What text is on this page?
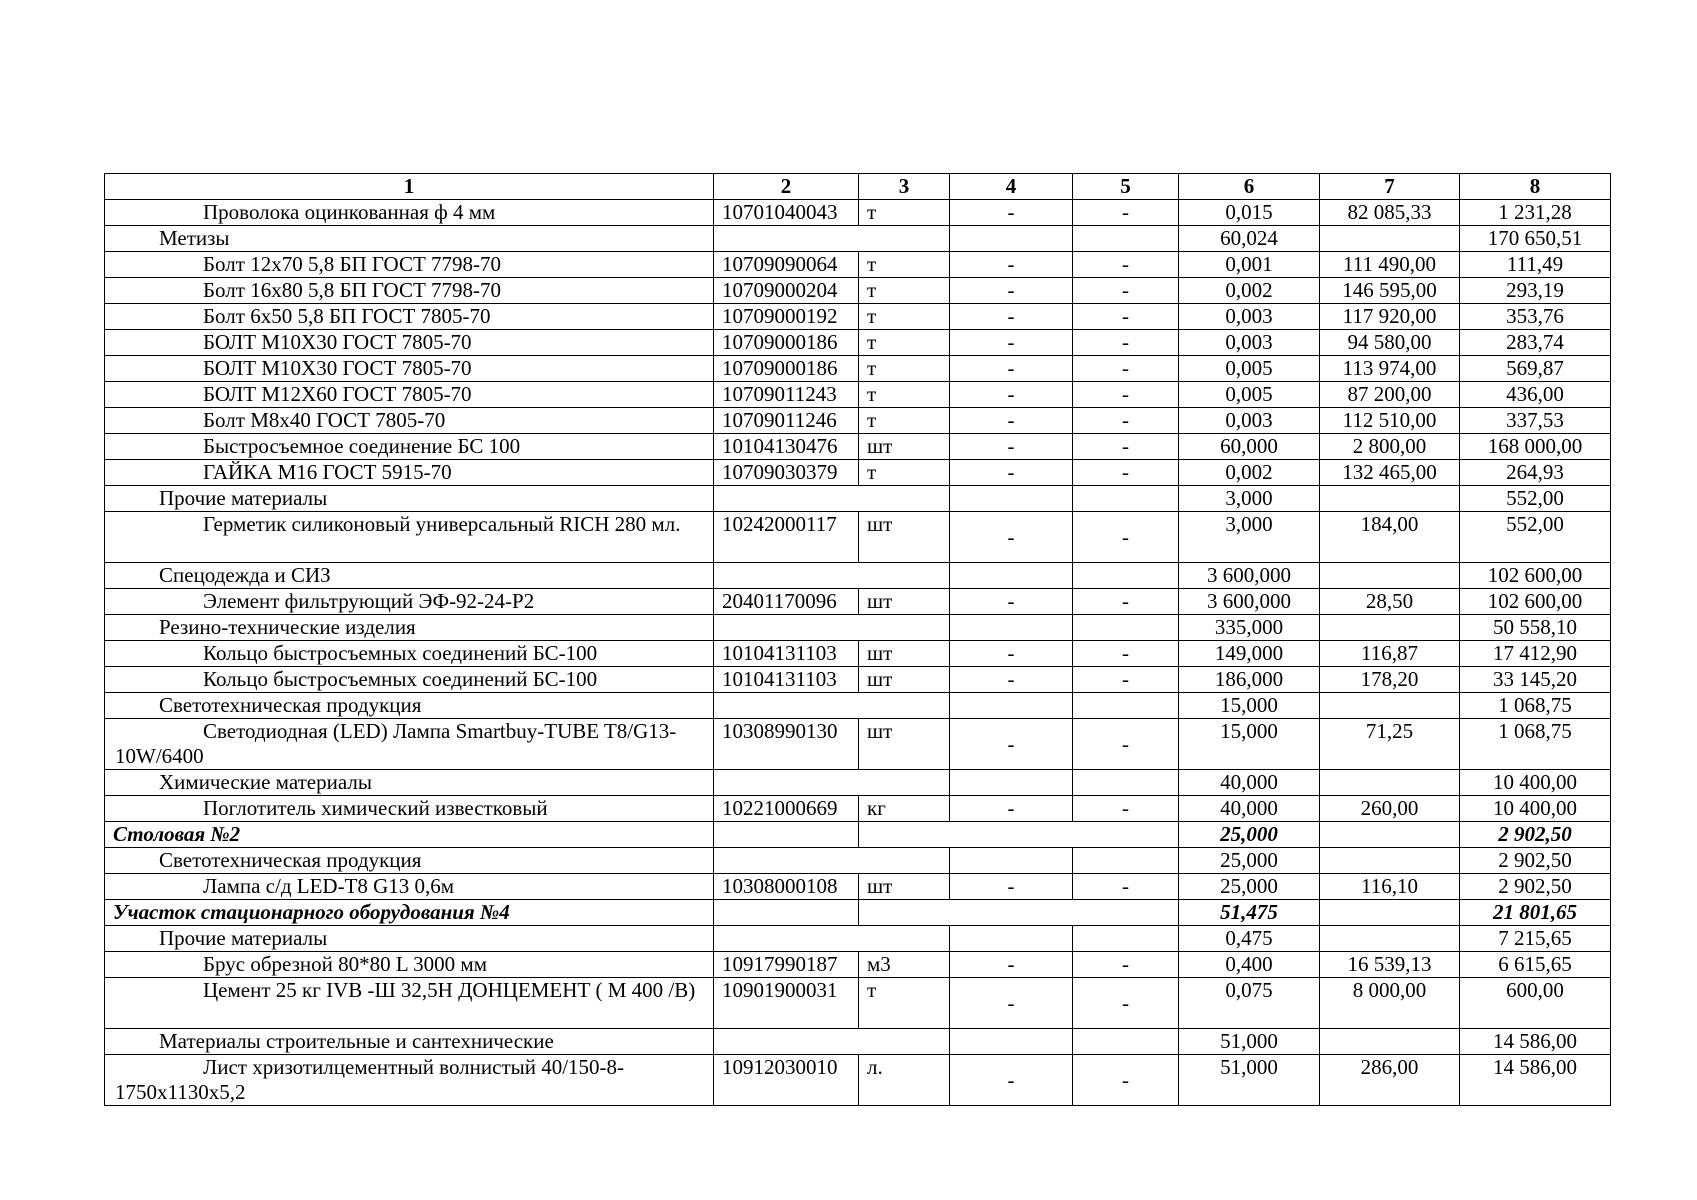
1	2	3	4	5	6	7	8
Проволока оцинкованная ф 4 мм	10701040043	т	-	-	0,015	82 085,33	1 231,28
Метизы					60,024		170 650,51
Болт 12х70 5,8 БП ГОСТ 7798-70	10709090064	т	-	-	0,001	111 490,00	111,49
Болт 16х80 5,8 БП ГОСТ 7798-70	10709000204	т	-	-	0,002	146 595,00	293,19
Болт 6х50 5,8 БП ГОСТ 7805-70	10709000192	т	-	-	0,003	117 920,00	353,76
БОЛТ М10Х30 ГОСТ 7805-70	10709000186	т	-	-	0,003	94 580,00	283,74
БОЛТ М10Х30 ГОСТ 7805-70	10709000186	т	-	-	0,005	113 974,00	569,87
БОЛТ М12Х60 ГОСТ 7805-70	10709011243	т	-	-	0,005	87 200,00	436,00
Болт М8х40 ГОСТ 7805-70	10709011246	т	-	-	0,003	112 510,00	337,53
Быстросъемное соединение БС 100	10104130476	шт	-	-	60,000	2 800,00	168 000,00
ГАЙКА М16 ГОСТ 5915-70	10709030379	т	-	-	0,002	132 465,00	264,93
Прочие материалы					3,000		552,00
Герметик силиконовый универсальный RICH 280 мл.	10242000117	шт	-	-	3,000	184,00	552,00
Спецодежда и СИЗ					3 600,000		102 600,00
Элемент фильтрующий ЭФ-92-24-Р2	20401170096	шт	-	-	3 600,000	28,50	102 600,00
Резино-технические изделия					335,000		50 558,10
Кольцо быстросъемных соединений БС-100	10104131103	шт	-	-	149,000	116,87	17 412,90
Кольцо быстросъемных соединений БС-100	10104131103	шт	-	-	186,000	178,20	33 145,20
Светотехническая продукция					15,000		1 068,75
Светодиодная (LED) Лампа Smartbuy-TUBE T8/G13-10W/6400	10308990130	шт	-	-	15,000	71,25	1 068,75
Химические материалы					40,000		10 400,00
Поглотитель химический известковый	10221000669	кг	-	-	40,000	260,00	10 400,00
Столовая №2					25,000		2 902,50
Светотехническая продукция					25,000		2 902,50
Лампа с/д LED-T8 G13 0,6м	10308000108	шт	-	-	25,000	116,10	2 902,50
Участок стационарного оборудования №4					51,475		21 801,65
Прочие материалы					0,475		7 215,65
Брус обрезной 80*80 L 3000 мм	10917990187	м3	-	-	0,400	16 539,13	6 615,65
Цемент 25 кг IVB -Ш 32,5Н ДОНЦЕМЕНТ ( М 400 /В)	10901900031	т	-	-	0,075	8 000,00	600,00
Материалы строительные и сантехнические					51,000		14 586,00
Лист хризотилцементный волнистый 40/150-8-1750х1130х5,2	10912030010	л.	-	-	51,000	286,00	14 586,00
